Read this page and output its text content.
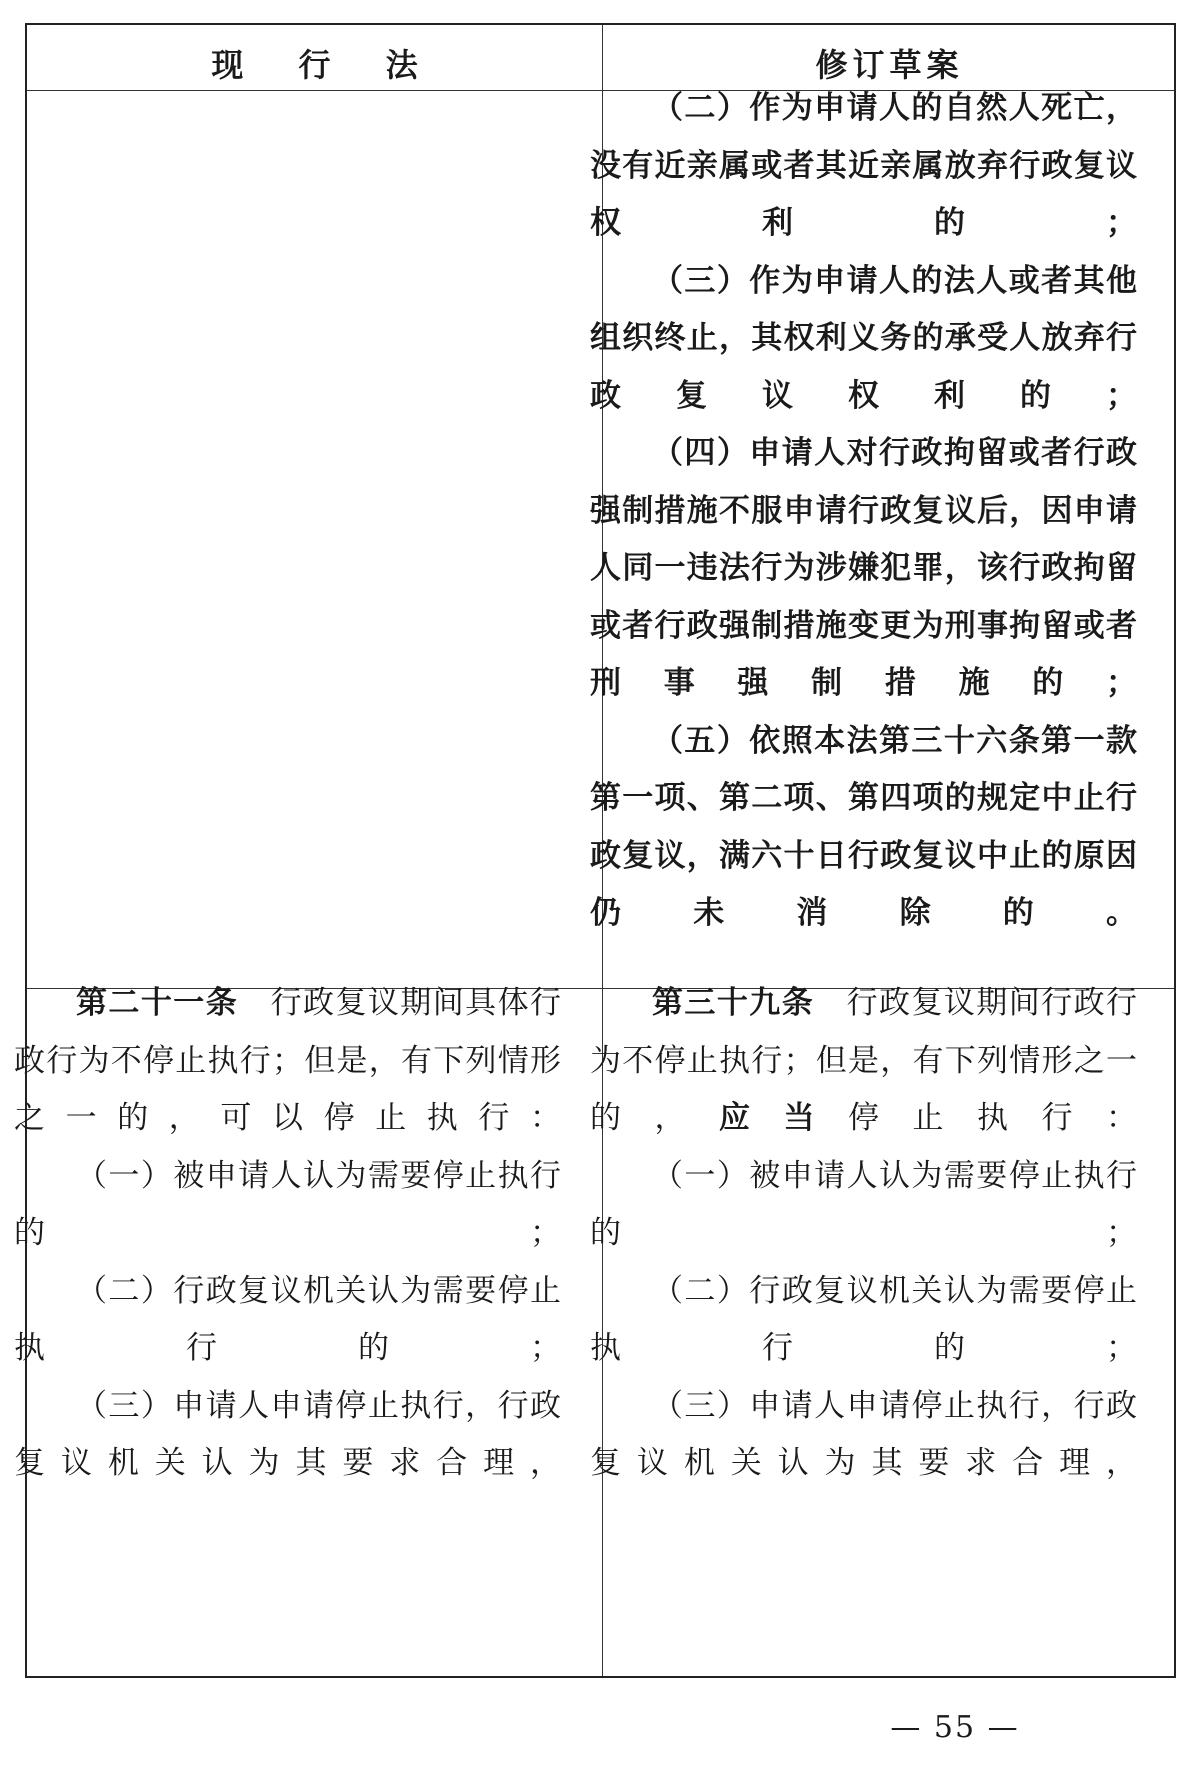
现 行 法	修订草案

（二）作为申请人的自然人死亡，没有近亲属或者其近亲属放弃行政复议权利的；

（三）作为申请人的法人或者其他组织终止，其权利义务的承受人放弃行政复议权利的；

（四）申请人对行政拘留或者行政强制措施不服申请行政复议后，因申请人同一违法行为涉嫌犯罪，该行政拘留或者行政强制措施变更为刑事拘留或者刑事强制措施的；

（五）依照本法第三十六条第一款第一项、第二项、第四项的规定中止行政复议，满六十日行政复议中止的原因仍未消除的。

第二十一条　 行政复议期间具体行政行为不停止执行；但是，有下列情形之一的，可以停止执行：

（一）被申请人认为需要停止执行的；

（二）行政复议机关认为需要停止执行的；

（三）申请人申请停止执行，行政复议机关认为其要求合理，

第三十九条　 行政复议期间行政行为不停止执行；但是，有下列情形之一的，应当停止执行：

（一）被申请人认为需要停止执行的；

（二）行政复议机关认为需要停止执行的；

（三）申请人申请停止执行，行政复议机关认为其要求合理，

— 55 —
